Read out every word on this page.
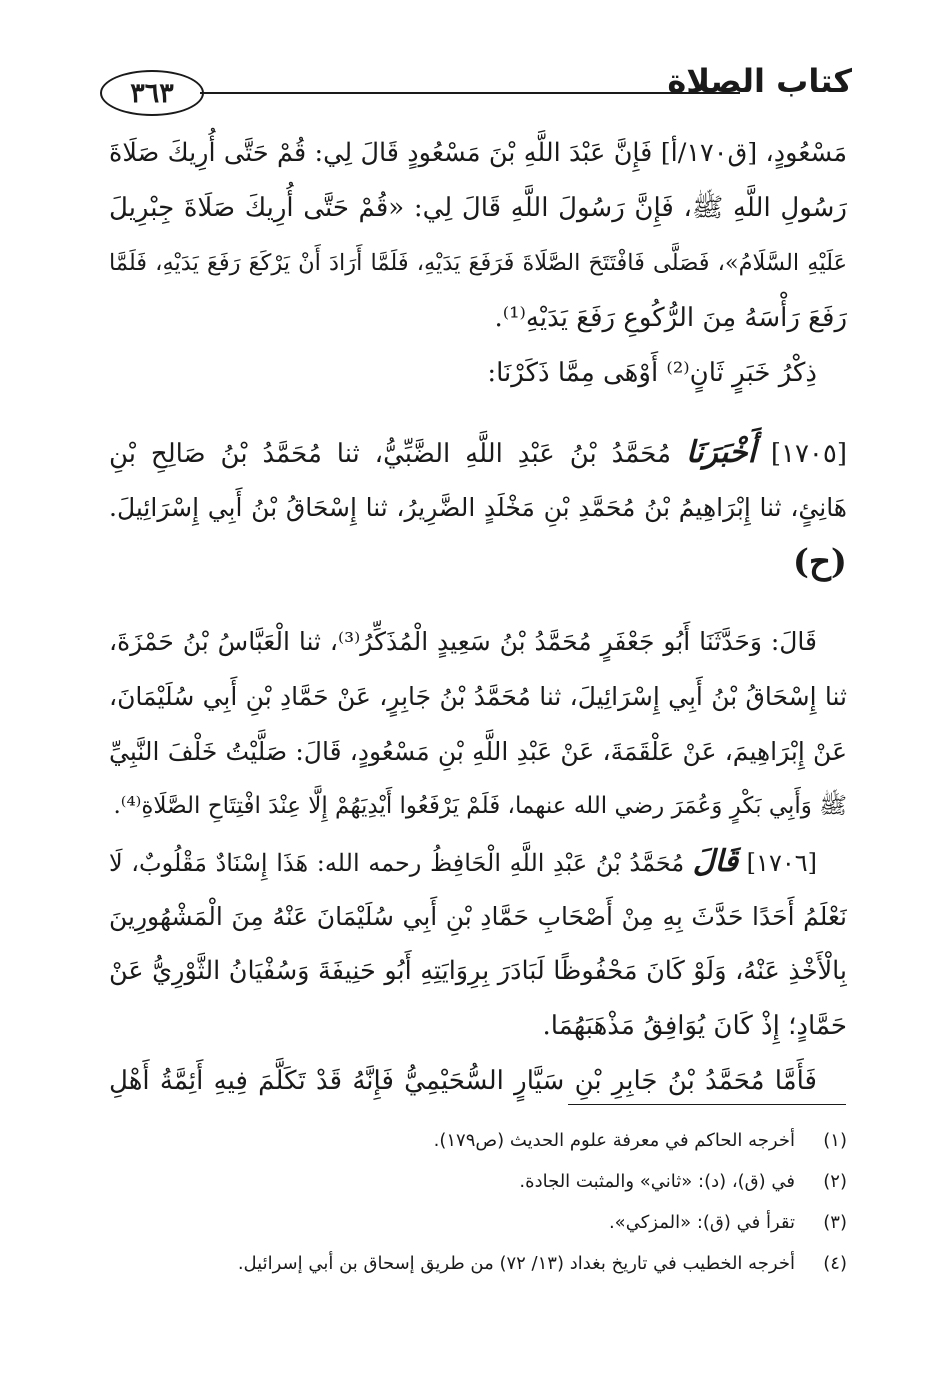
٣٦٣	كتاب الصلاة
مَسْعُودٍ، [ق١٧٠/أ] فَإِنَّ عَبْدَ اللَّهِ بْنَ مَسْعُودٍ قَالَ لِي: قُمْ حَتَّى أُرِيكَ صَلَاةَ
رَسُولِ اللَّهِ ﷺ، فَإِنَّ رَسُولَ اللَّهِ قَالَ لِي: «قُمْ حَتَّى أُرِيكَ صَلَاةَ جِبْرِيلَ
عَلَيْهِ السَّلَامُ»، فَصَلَّى فَافْتَتَحَ الصَّلَاةَ فَرَفَعَ يَدَيْهِ، فَلَمَّا أَرَادَ أَنْ يَرْكَعَ رَفَعَ يَدَيْهِ، فَلَمَّا
رَفَعَ رَأْسَهُ مِنَ الرُّكُوعِ رَفَعَ يَدَيْهِ⁽¹⁾.
ذِكْرُ خَبَرٍ ثَانٍ⁽²⁾ أَوْهَى مِمَّا ذَكَرْنَا:
[١٧٠٥] أَخْبَرَنَا مُحَمَّدُ بْنُ عَبْدِ اللَّهِ الضَّبِّيُّ، ثنا مُحَمَّدُ بْنُ صَالِحِ بْنِ
هَانِئٍ، ثنا إِبْرَاهِيمُ بْنُ مُحَمَّدِ بْنِ مَخْلَدٍ الضَّرِيرُ، ثنا إِسْحَاقُ بْنُ أَبِي إِسْرَائِيلَ.
(ح)
قَالَ: وَحَدَّثَنَا أَبُو جَعْفَرٍ مُحَمَّدُ بْنُ سَعِيدٍ الْمُذَكِّرُ⁽³⁾، ثنا الْعَبَّاسُ بْنُ حَمْزَةَ،
ثنا إِسْحَاقُ بْنُ أَبِي إِسْرَائِيلَ، ثنا مُحَمَّدُ بْنُ جَابِرٍ، عَنْ حَمَّادِ بْنِ أَبِي سُلَيْمَانَ،
عَنْ إِبْرَاهِيمَ، عَنْ عَلْقَمَةَ، عَنْ عَبْدِ اللَّهِ بْنِ مَسْعُودٍ، قَالَ: صَلَّيْتُ خَلْفَ النَّبِيِّ
ﷺ وَأَبِي بَكْرٍ وَعُمَرَ رضي الله عنهما، فَلَمْ يَرْفَعُوا أَيْدِيَهُمْ إِلَّا عِنْدَ افْتِتَاحِ الصَّلَاةِ⁽⁴⁾.
[١٧٠٦] قَالَ مُحَمَّدُ بْنُ عَبْدِ اللَّهِ الْحَافِظُ رحمه الله: هَذَا إِسْنَادٌ مَقْلُوبٌ، لَا
نَعْلَمُ أَحَدًا حَدَّثَ بِهِ مِنْ أَصْحَابِ حَمَّادِ بْنِ أَبِي سُلَيْمَانَ عَنْهُ مِنَ الْمَشْهُورِينَ
بِالْأَخْذِ عَنْهُ، وَلَوْ كَانَ مَحْفُوظًا لَبَادَرَ بِرِوَايَتِهِ أَبُو حَنِيفَةَ وَسُفْيَانُ الثَّوْرِيُّ عَنْ
حَمَّادٍ؛ إِذْ كَانَ يُوَافِقُ مَذْهَبَهُمَا.
فَأَمَّا مُحَمَّدُ بْنُ جَابِرِ بْنِ سَيَّارٍ السُّحَيْمِيُّ فَإِنَّهُ قَدْ تَكَلَّمَ فِيهِ أَئِمَّةُ أَهْلِ
(١)أخرجه الحاكم في معرفة علوم الحديث (ص١٧٩).
(٢)في (ق)، (د): «ثاني» والمثبت الجادة.
(٣)تقرأ في (ق): «المزكي».
(٤)أخرجه الخطيب في تاريخ بغداد (١٣/ ٧٢) من طريق إسحاق بن أبي إسرائيل.
